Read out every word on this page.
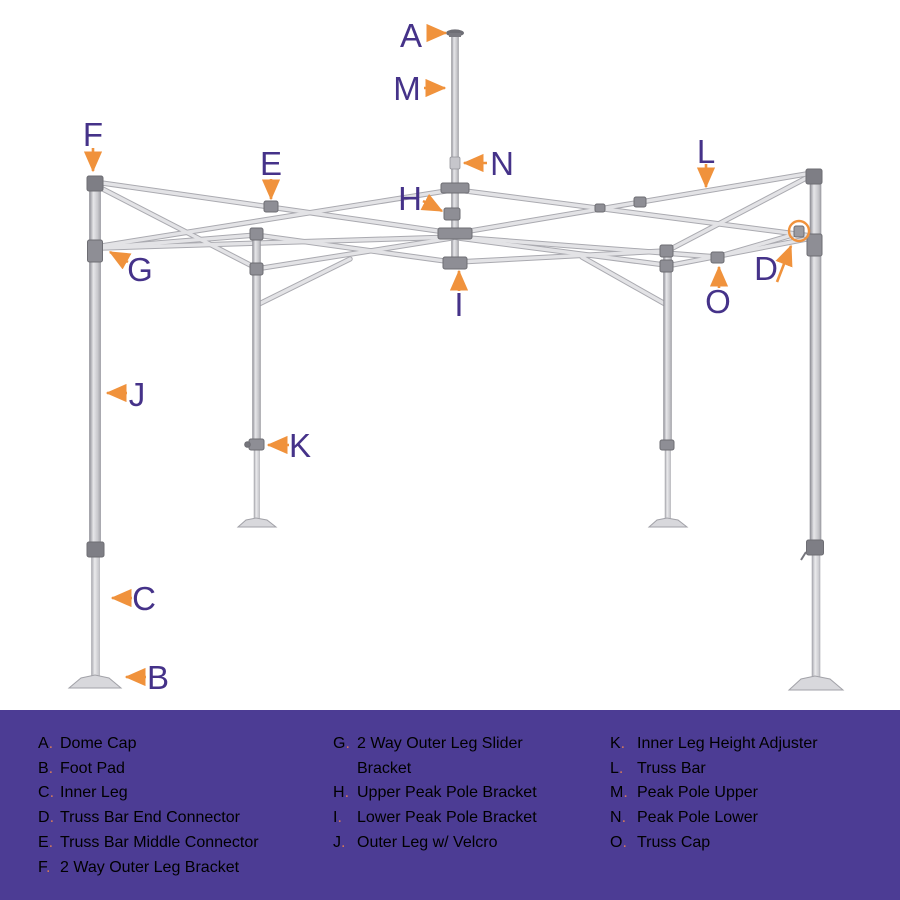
A
M
N
H
I
E
F
G
J
K
C
B
L
D
O
A. Dome Cap
B. Foot Pad
C. Inner Leg
D. Truss Bar End Connector
E. Truss Bar Middle Connector
F. 2 Way Outer Leg Bracket
G. 2 Way Outer Leg Slider Bracket
H. Upper Peak Pole Bracket
I. Lower Peak Pole Bracket
J. Outer Leg w/ Velcro
K. Inner Leg Height Adjuster
L. Truss Bar
M. Peak Pole Upper
N. Peak Pole Lower
O. Truss Cap
